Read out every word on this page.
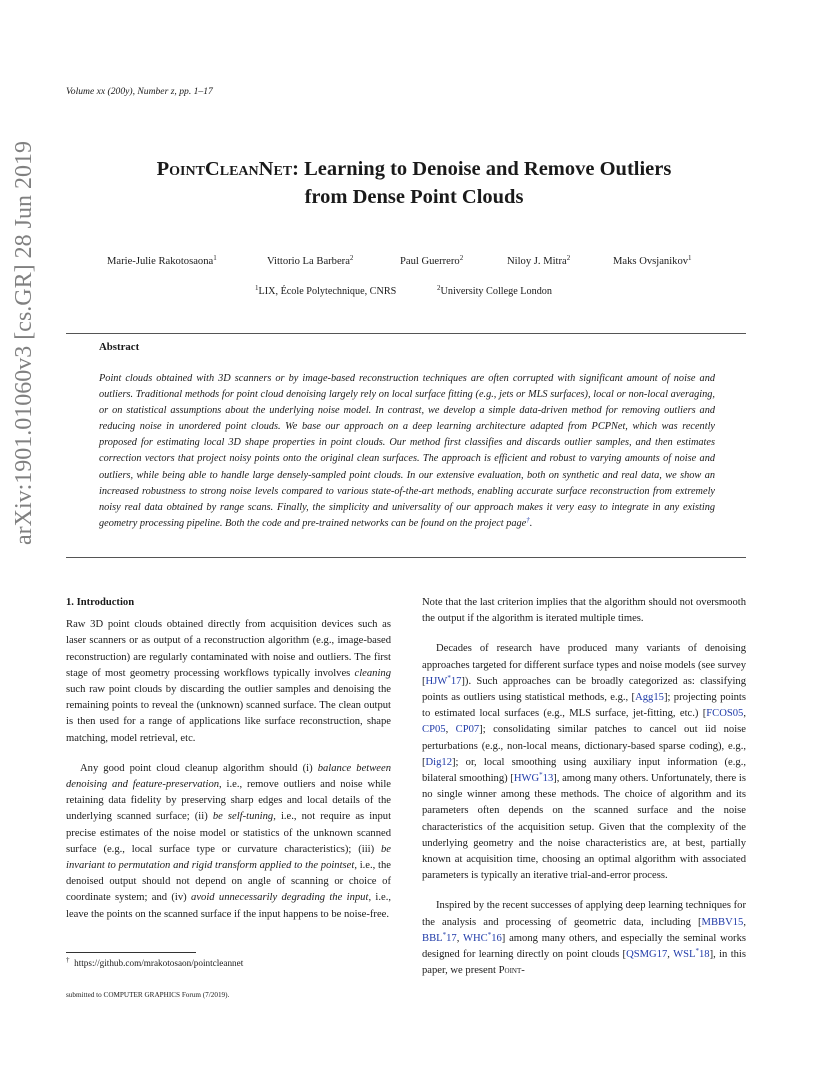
Volume xx (200y), Number z, pp. 1–17
PointCleanNet: Learning to Denoise and Remove Outliers
from Dense Point Clouds
Marie-Julie Rakotosaona$^1$	Vittorio La Barbera$^2$	Paul Guerrero$^2$	Niloy J. Mitra$^2$	Maks Ovsjanikov$^1$
$^1$LIX, École Polytechnique, CNRS	$^2$University College London
Abstract
Point clouds obtained with 3D scanners or by image-based reconstruction techniques are often corrupted with significant amount of noise and outliers. Traditional methods for point cloud denoising largely rely on local surface fitting (e.g., jets or MLS surfaces), local or non-local averaging, or on statistical assumptions about the underlying noise model. In contrast, we develop a simple data-driven method for removing outliers and reducing noise in unordered point clouds. We base our approach on a deep learning architecture adapted from PCPNet, which was recently proposed for estimating local 3D shape properties in point clouds. Our method first classifies and discards outlier samples, and then estimates correction vectors that project noisy points onto the original clean surfaces. The approach is efficient and robust to varying amounts of noise and outliers, while being able to handle large densely-sampled point clouds. In our extensive evaluation, both on synthetic and real data, we show an increased robustness to strong noise levels compared to various state-of-the-art methods, enabling accurate surface reconstruction from extremely noisy real data obtained by range scans. Finally, the simplicity and universality of our approach makes it very easy to integrate in any existing geometry processing pipeline. Both the code and pre-trained networks can be found on the project page†.
arXiv:1901.01060v3 [cs.GR] 28 Jun 2019
1. Introduction

Raw 3D point clouds obtained directly from acquisition devices such as laser scanners or as output of a reconstruction algorithm (e.g., image-based reconstruction) are regularly contaminated with noise and outliers. The first stage of most geometry processing workflows typically involves cleaning such raw point clouds by discarding the outlier samples and denoising the remaining points to reveal the (unknown) scanned surface. The clean output is then used for a range of applications like surface reconstruction, shape matching, model retrieval, etc.

Any good point cloud cleanup algorithm should (i) balance between denoising and feature-preservation, i.e., remove outliers and noise while retaining data fidelity by preserving sharp edges and local details of the underlying scanned surface; (ii) be self-tuning, i.e., not require as input precise estimates of the noise model or statistics of the unknown scanned surface (e.g., local surface type or curvature characteristics); (iii) be invariant to permutation and rigid transform applied to the pointset, i.e., the denoised output should not depend on angle of scanning or choice of coordinate system; and (iv) avoid unnecessarily degrading the input, i.e., leave the points on the scanned surface if the input happens to be noise-free.

Note that the last criterion implies that the algorithm should not oversmooth the output if the algorithm is iterated multiple times.

Decades of research have produced many variants of denoising approaches targeted for different surface types and noise models (see survey [HJW*17]). Such approaches can be broadly categorized as: classifying points as outliers using statistical methods, e.g., [Agg15]; projecting points to estimated local surfaces (e.g., MLS surface, jet-fitting, etc.) [FCOS05, CP05, CP07]; consolidating similar patches to cancel out iid noise perturbations (e.g., non-local means, dictionary-based sparse coding), e.g., [Dig12]; or, local smoothing using auxiliary input information (e.g., bilateral smoothing) [HWG*13], among many others. Unfortunately, there is no single winner among these methods. The choice of algorithm and its parameters often depends on the scanned surface and the noise characteristics of the acquisition setup. Given that the complexity of the underlying geometry and the noise characteristics are, at best, partially known at acquisition time, choosing an optimal algorithm with associated parameters is typically an iterative trial-and-error process.

Inspired by the recent successes of applying deep learning techniques for the analysis and processing of geometric data, including [MBBV15, BBL*17, WHC*16] among many others, and especially the seminal works designed for learning directly on point clouds [QSMG17, WSL*18], in this paper, we present Point-

† https://github.com/mrakotosaon/pointcleannet
submitted to COMPUTER GRAPHICS Forum (7/2019).
